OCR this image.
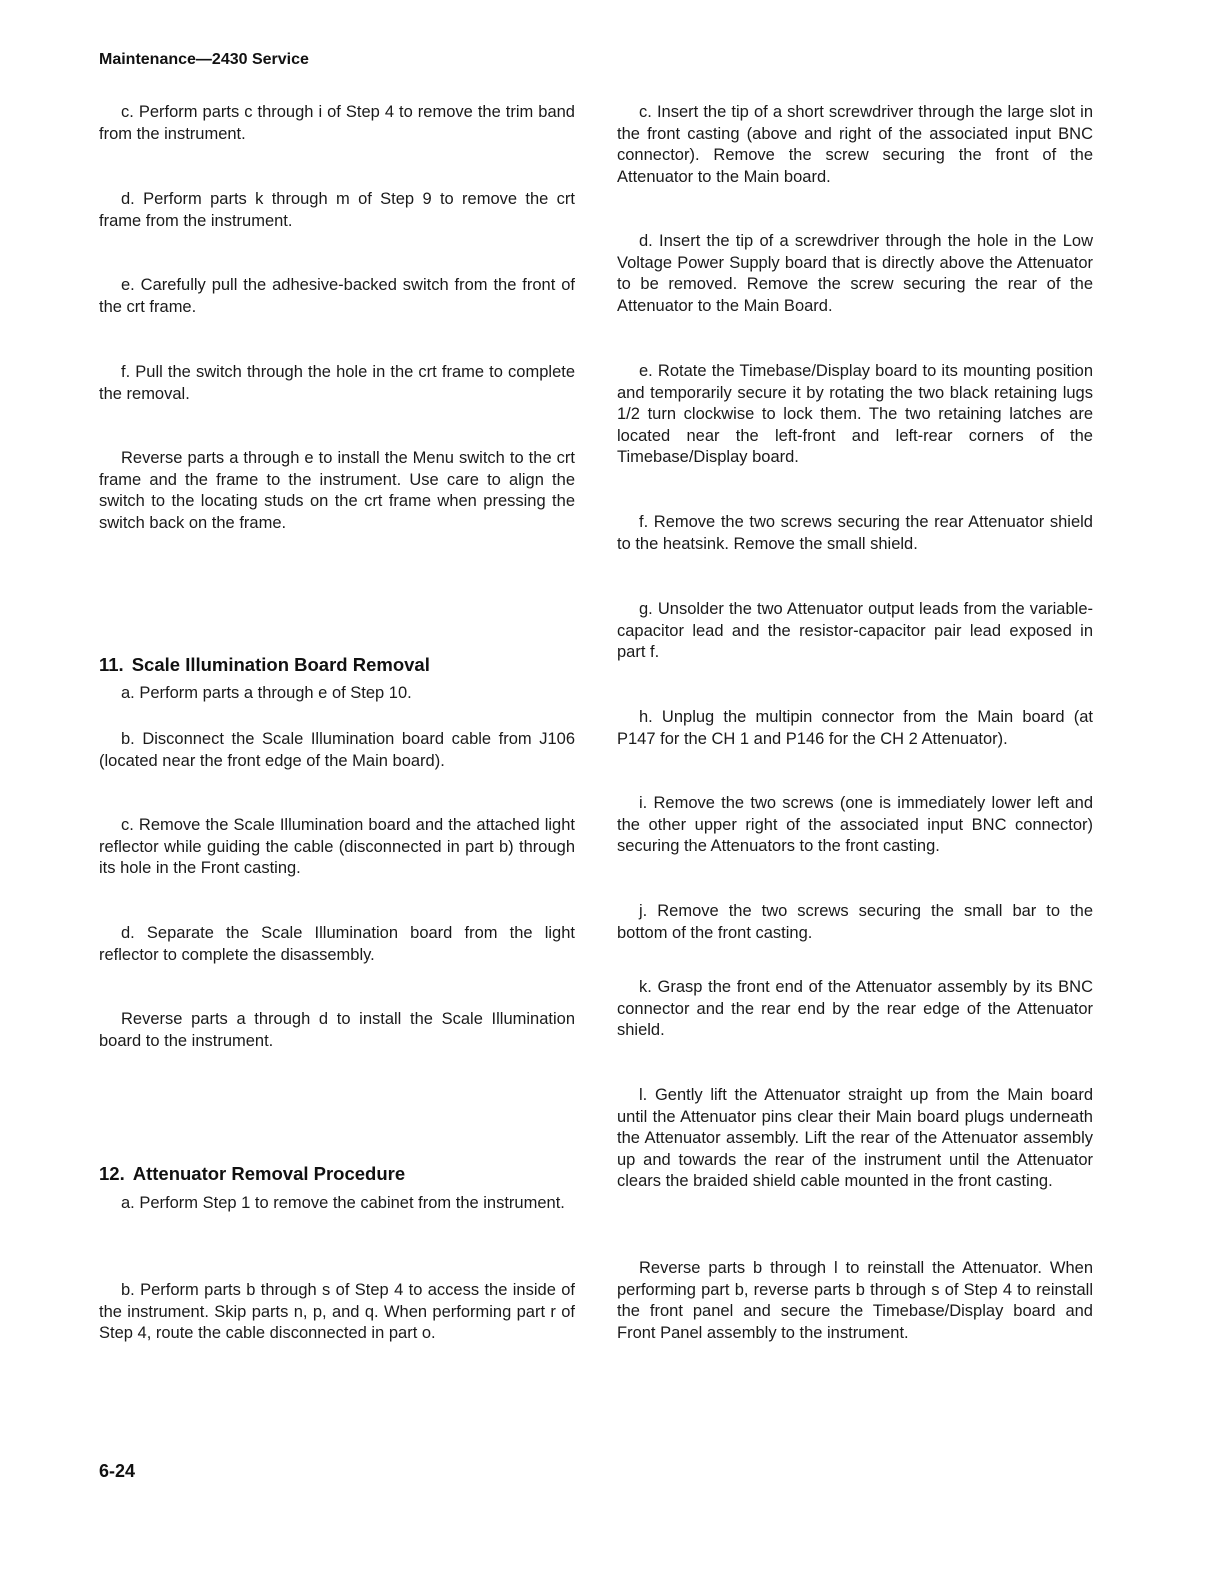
Maintenance—2430 Service

c. Perform parts c through i of Step 4 to remove the trim band from the instrument.

d. Perform parts k through m of Step 9 to remove the crt frame from the instrument.

e. Carefully pull the adhesive-backed switch from the front of the crt frame.

f. Pull the switch through the hole in the crt frame to complete the removal.

Reverse parts a through e to install the Menu switch to the crt frame and the frame to the instrument. Use care to align the switch to the locating studs on the crt frame when pressing the switch back on the frame.

11. Scale Illumination Board Removal

a. Perform parts a through e of Step 10.

b. Disconnect the Scale Illumination board cable from J106 (located near the front edge of the Main board).

c. Remove the Scale Illumination board and the attached light reflector while guiding the cable (disconnected in part b) through its hole in the Front casting.

d. Separate the Scale Illumination board from the light reflector to complete the disassembly.

Reverse parts a through d to install the Scale Illumination board to the instrument.

12. Attenuator Removal Procedure

a. Perform Step 1 to remove the cabinet from the instrument.

b. Perform parts b through s of Step 4 to access the inside of the instrument. Skip parts n, p, and q. When performing part r of Step 4, route the cable disconnected in part o.

c. Insert the tip of a short screwdriver through the large slot in the front casting (above and right of the associated input BNC connector). Remove the screw securing the front of the Attenuator to the Main board.

d. Insert the tip of a screwdriver through the hole in the Low Voltage Power Supply board that is directly above the Attenuator to be removed. Remove the screw securing the rear of the Attenuator to the Main Board.

e. Rotate the Timebase/Display board to its mounting position and temporarily secure it by rotating the two black retaining lugs 1/2 turn clockwise to lock them. The two retaining latches are located near the left-front and left-rear corners of the Timebase/Display board.

f. Remove the two screws securing the rear Attenuator shield to the heatsink. Remove the small shield.

g. Unsolder the two Attenuator output leads from the variable-capacitor lead and the resistor-capacitor pair lead exposed in part f.

h. Unplug the multipin connector from the Main board (at P147 for the CH 1 and P146 for the CH 2 Attenuator).

i. Remove the two screws (one is immediately lower left and the other upper right of the associated input BNC connector) securing the Attenuators to the front casting.

j. Remove the two screws securing the small bar to the bottom of the front casting.

k. Grasp the front end of the Attenuator assembly by its BNC connector and the rear end by the rear edge of the Attenuator shield.

l. Gently lift the Attenuator straight up from the Main board until the Attenuator pins clear their Main board plugs underneath the Attenuator assembly. Lift the rear of the Attenuator assembly up and towards the rear of the instrument until the Attenuator clears the braided shield cable mounted in the front casting.

Reverse parts b through l to reinstall the Attenuator. When performing part b, reverse parts b through s of Step 4 to reinstall the front panel and secure the Timebase/Display board and Front Panel assembly to the instrument.

6-24
